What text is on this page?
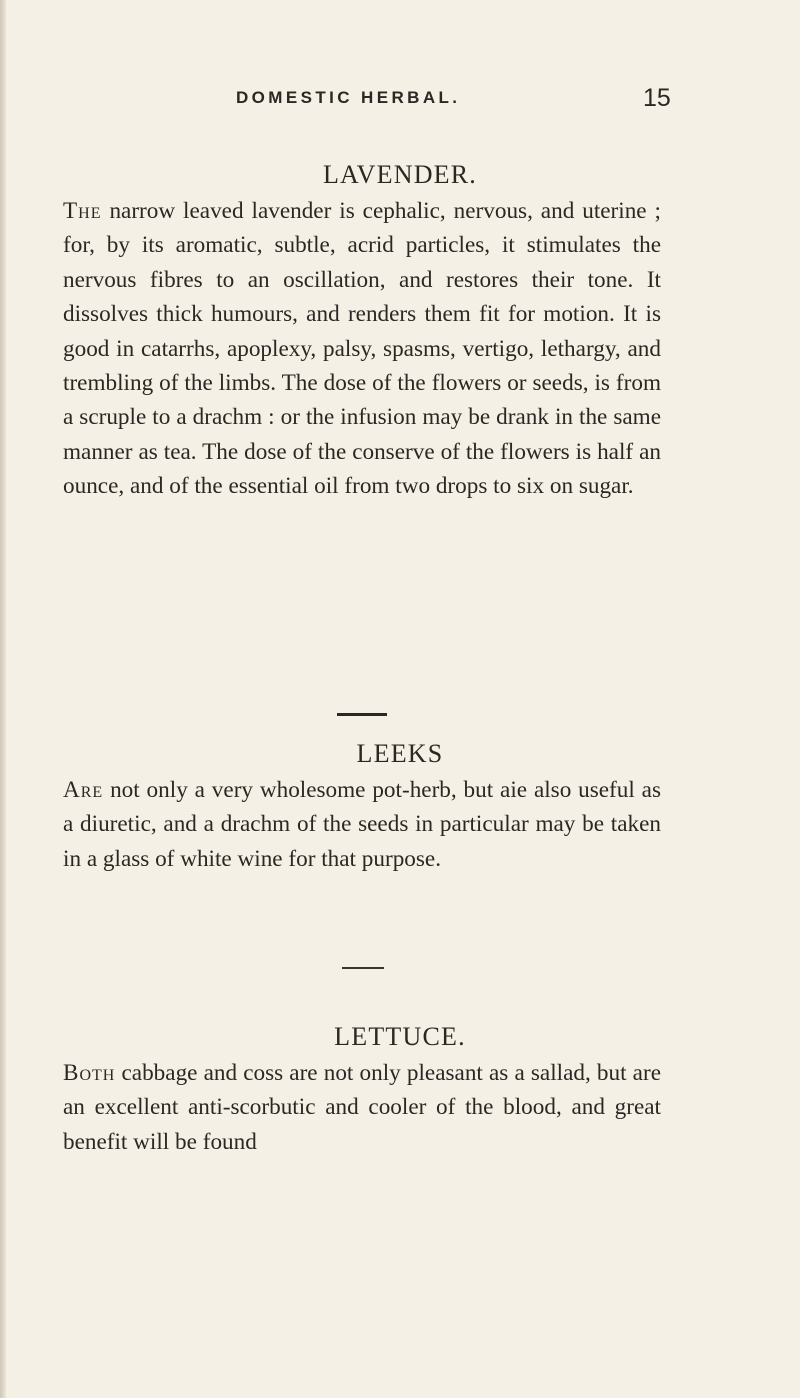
DOMESTIC HERBAL.	15
LAVENDER.

The narrow leaved lavender is cephalic, nervous, and uterine ; for, by its aromatic, subtle, acrid particles, it stimulates the nervous fibres to an oscillation, and restores their tone. It dissolves thick humours, and renders them fit for motion. It is good in catarrhs, apoplexy, palsy, spasms, vertigo, lethargy, and trembling of the limbs. The dose of the flowers or seeds, is from a scruple to a drachm : or the infusion may be drank in the same manner as tea. The dose of the conserve of the flowers is half an ounce, and of the essential oil from two drops to six on sugar.

LEEKS

Are not only a very wholesome pot-herb, but aie also useful as a diuretic, and a drachm of the seeds in particular may be taken in a glass of white wine for that purpose.

LETTUCE.

Both cabbage and coss are not only pleasant as a sallad, but are an excellent anti-scorbutic and cooler of the blood, and great benefit will be found
